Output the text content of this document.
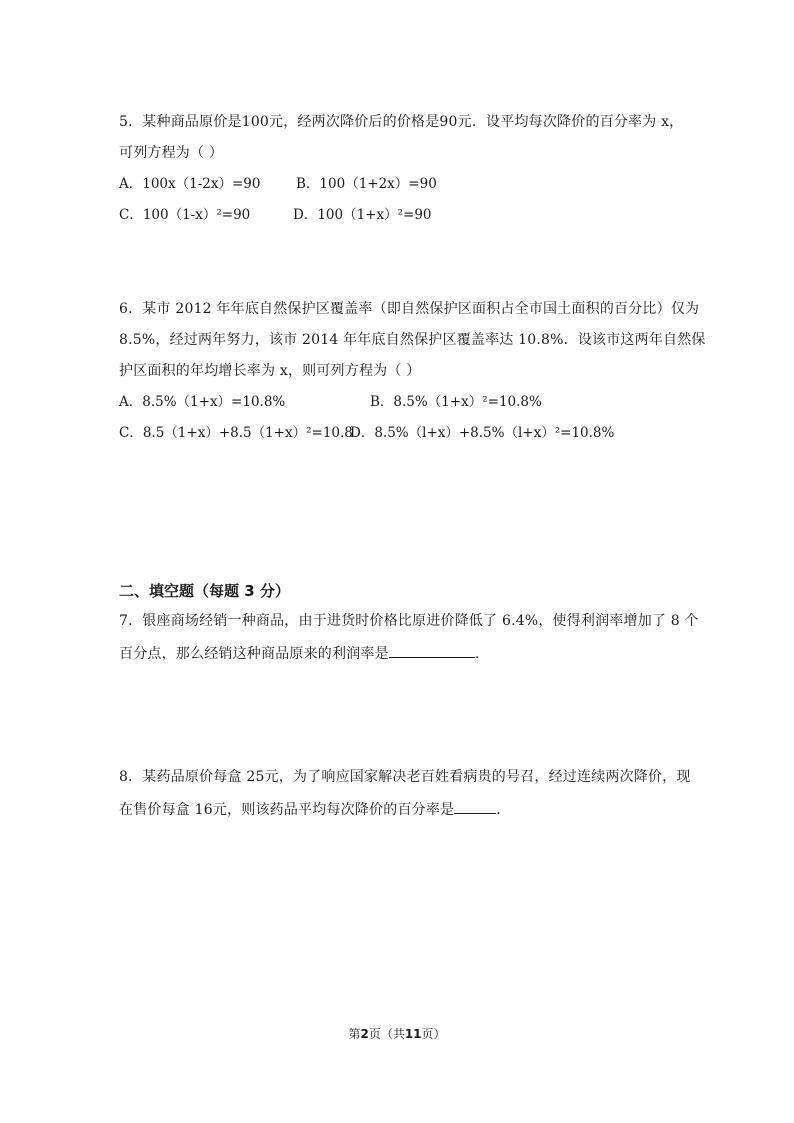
5．某种商品原价是100元，经两次降价后的价格是90元．设平均每次降价的百分率为 x，
可列方程为（ ）
A．100x（1-2x）=90	B．100（1+2x）=90
C．100（1-x）²=90	D．100（1+x）²=90
6．某市 2012 年年底自然保护区覆盖率（即自然保护区面积占全市国土面积的百分比）仅为
8.5%，经过两年努力，该市 2014 年年底自然保护区覆盖率达 10.8%．设该市这两年自然保
护区面积的年均增长率为 x，则可列方程为（ ）
A．8.5%（1+x）=10.8%	B．8.5%（1+x）²=10.8%
C．8.5（1+x）+8.5（1+x）²=10.8
D．8.5%（l+x）+8.5%（l+x）²=10.8%
二、填空题（每题 3 分）
7．银座商场经销一种商品，由于进货时价格比原进价降低了 6.4%，使得利润率增加了 8 个
百分点，那么经销这种商品原来的利润率是	.
8．某药品原价每盒 25元，为了响应国家解决老百姓看病贵的号召，经过连续两次降价，现
在售价每盒 16元，则该药品平均每次降价的百分率是	．
第2页（共11页）
